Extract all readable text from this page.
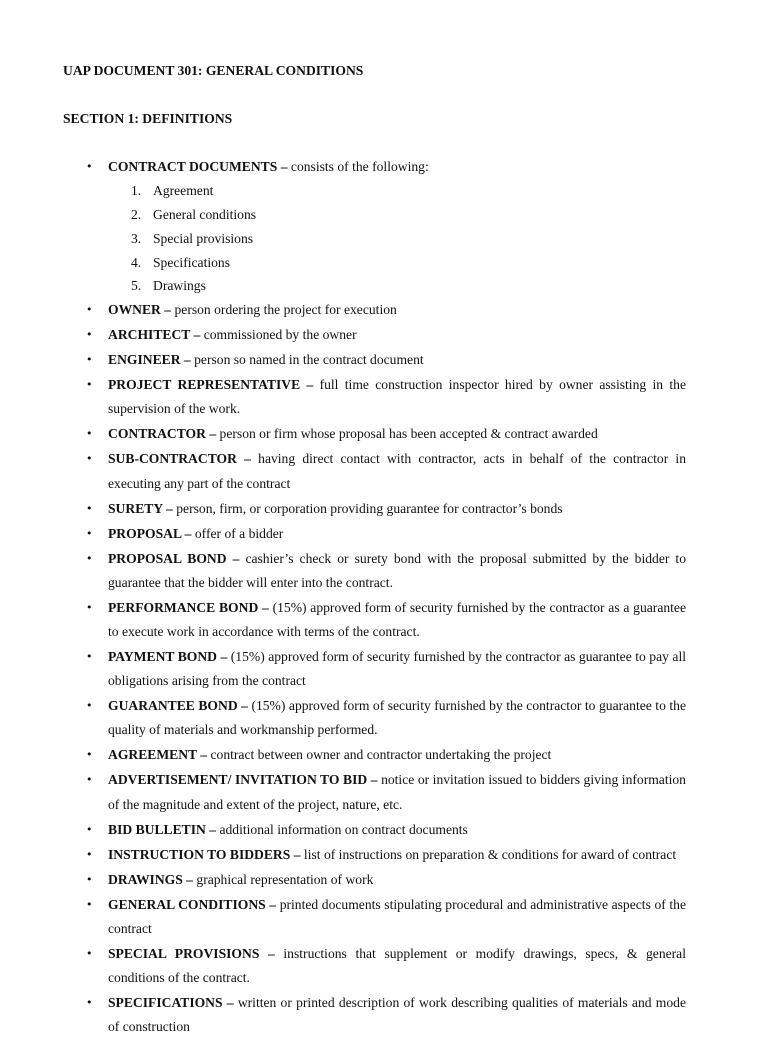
UAP DOCUMENT 301: GENERAL CONDITIONS
SECTION 1: DEFINITIONS
• CONTRACT DOCUMENTS – consists of the following:
1. Agreement
2. General conditions
3. Special provisions
4. Specifications
5. Drawings
• OWNER – person ordering the project for execution
• ARCHITECT – commissioned by the owner
• ENGINEER – person so named in the contract document
• PROJECT REPRESENTATIVE – full time construction inspector hired by owner assisting in the supervision of the work.
• CONTRACTOR – person or firm whose proposal has been accepted & contract awarded
• SUB-CONTRACTOR – having direct contact with contractor, acts in behalf of the contractor in executing any part of the contract
• SURETY – person, firm, or corporation providing guarantee for contractor’s bonds
• PROPOSAL – offer of a bidder
• PROPOSAL BOND – cashier’s check or surety bond with the proposal submitted by the bidder to guarantee that the bidder will enter into the contract.
• PERFORMANCE BOND – (15%) approved form of security furnished by the contractor as a guarantee to execute work in accordance with terms of the contract.
• PAYMENT BOND – (15%) approved form of security furnished by the contractor as guarantee to pay all obligations arising from the contract
• GUARANTEE BOND – (15%) approved form of security furnished by the contractor to guarantee to the quality of materials and workmanship performed.
• AGREEMENT – contract between owner and contractor undertaking the project
• ADVERTISEMENT/ INVITATION TO BID – notice or invitation issued to bidders giving information of the magnitude and extent of the project, nature, etc.
• BID BULLETIN – additional information on contract documents
• INSTRUCTION TO BIDDERS – list of instructions on preparation & conditions for award of contract
• DRAWINGS – graphical representation of work
• GENERAL CONDITIONS – printed documents stipulating procedural and administrative aspects of the contract
• SPECIAL PROVISIONS – instructions that supplement or modify drawings, specs, & general conditions of the contract.
• SPECIFICATIONS – written or printed description of work describing qualities of materials and mode of construction
